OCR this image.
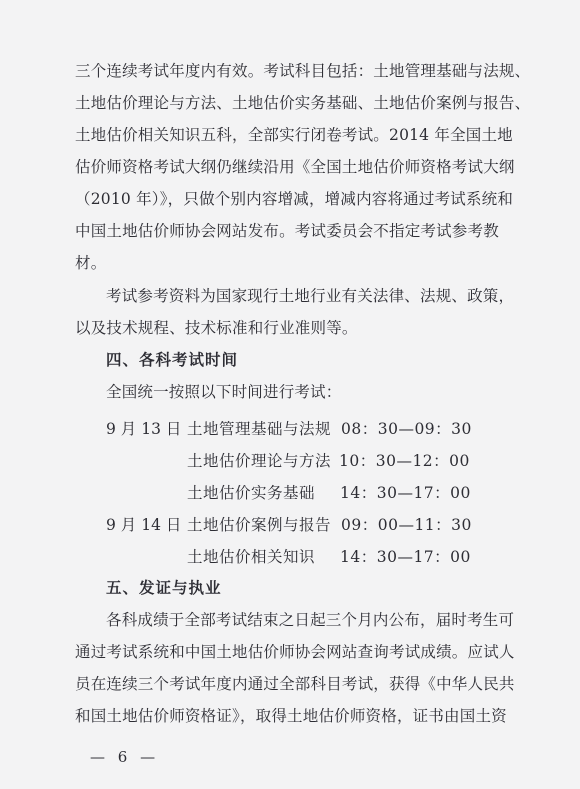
三个连续考试年度内有效。考试科目包括：土地管理基础与法规、
土地估价理论与方法、土地估价实务基础、土地估价案例与报告、
土地估价相关知识五科，全部实行闭卷考试。2014 年全国土地
估价师资格考试大纲仍继续沿用《全国土地估价师资格考试大纲
（2010 年）》，只做个别内容增减，增减内容将通过考试系统和
中国土地估价师协会网站发布。考试委员会不指定考试参考教
材。
考试参考资料为国家现行土地行业有关法律、法规、政策，
以及技术规程、技术标准和行业准则等。
四、各科考试时间
全国统一按照以下时间进行考试：
9 月 13 日 土地管理基础与法规 08：30—09：30
土地估价理论与方法 10：30—12：00
土地估价实务基础 14：30—17：00
9 月 14 日 土地估价案例与报告 09：00—11：30
土地估价相关知识 14：30—17：00
五、发证与执业
各科成绩于全部考试结束之日起三个月内公布，届时考生可
通过考试系统和中国土地估价师协会网站查询考试成绩。应试人
员在连续三个考试年度内通过全部科目考试，获得《中华人民共
和国土地估价师资格证》，取得土地估价师资格，证书由国土资
— 6 —
